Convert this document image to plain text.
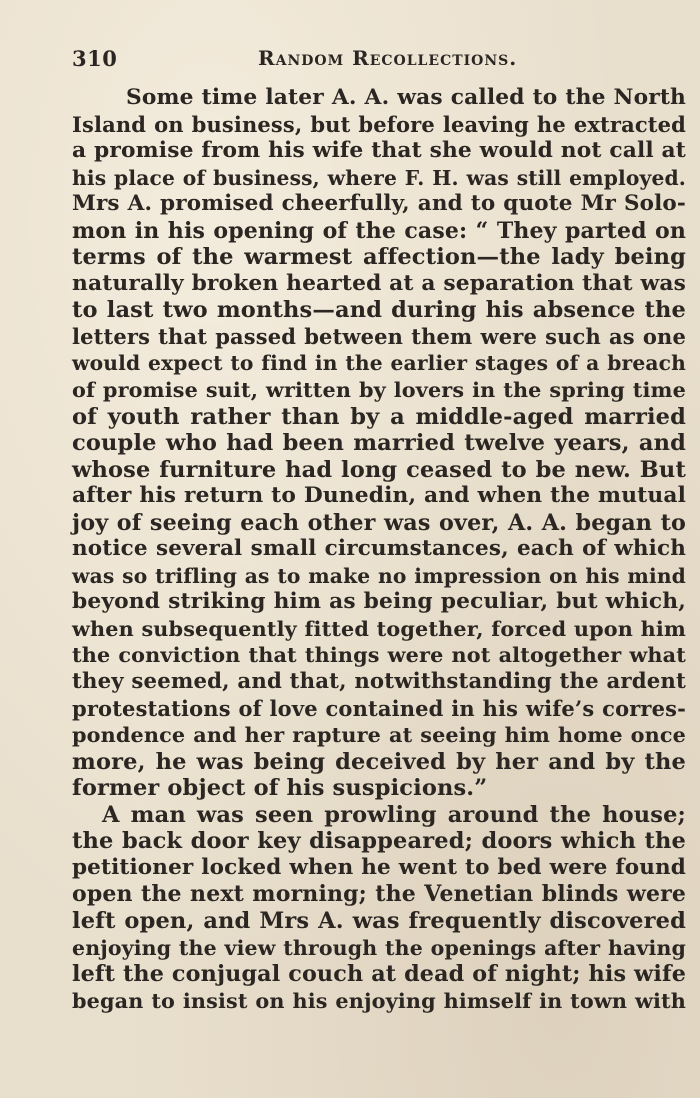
310	Random Recollections.
Some time later A. A. was called to the North
Island on business, but before leaving he extracted
a promise from his wife that she would not call at
his place of business, where F. H. was still employed.
Mrs A. promised cheerfully, and to quote Mr Solo-
mon in his opening of the case: “ They parted on
terms of the warmest affection—the lady being
naturally broken hearted at a separation that was
to last two months—and during his absence the
letters that passed between them were such as one
would expect to find in the earlier stages of a breach
of promise suit, written by lovers in the spring time
of youth rather than by a middle-aged married
couple who had been married twelve years, and
whose furniture had long ceased to be new. But
after his return to Dunedin, and when the mutual
joy of seeing each other was over, A. A. began to
notice several small circumstances, each of which
was so trifling as to make no impression on his mind
beyond striking him as being peculiar, but which,
when subsequently fitted together, forced upon him
the conviction that things were not altogether what
they seemed, and that, notwithstanding the ardent
protestations of love contained in his wife’s corres-
pondence and her rapture at seeing him home once
more, he was being deceived by her and by the
former object of his suspicions.”
A man was seen prowling around the house;
the back door key disappeared; doors which the
petitioner locked when he went to bed were found
open the next morning; the Venetian blinds were
left open, and Mrs A. was frequently discovered
enjoying the view through the openings after having
left the conjugal couch at dead of night; his wife
began to insist on his enjoying himself in town with
